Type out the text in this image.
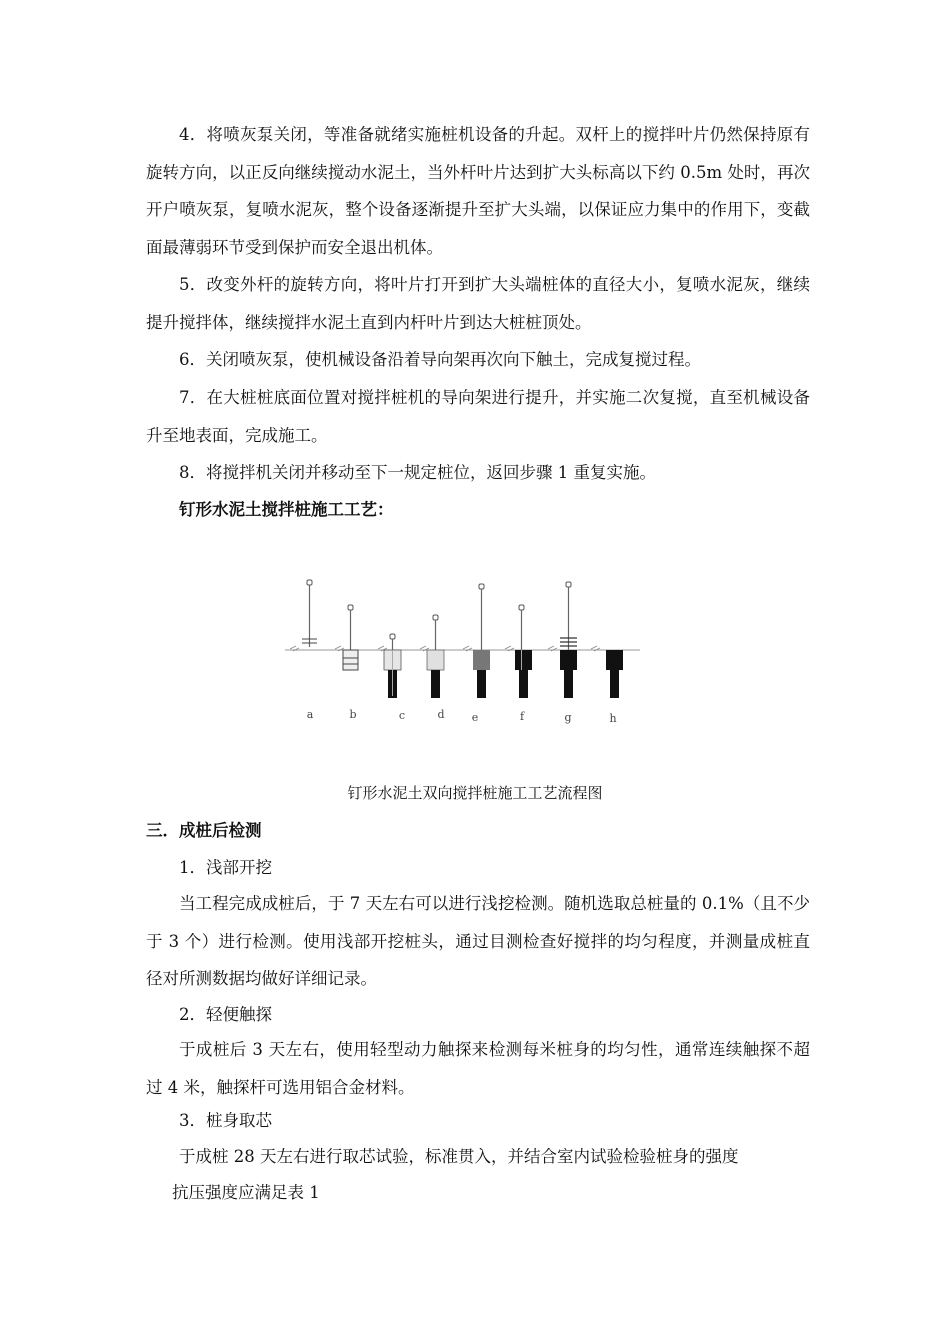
4．将喷灰泵关闭，等准备就绪实施桩机设备的升起。双杆上的搅拌叶片仍然保持原有旋转方向，以正反向继续搅动水泥土，当外杆叶片达到扩大头标高以下约 0.5m 处时，再次开户喷灰泵，复喷水泥灰，整个设备逐渐提升至扩大头端，以保证应力集中的作用下，变截面最薄弱环节受到保护而安全退出机体。

5．改变外杆的旋转方向，将叶片打开到扩大头端桩体的直径大小，复喷水泥灰，继续提升搅拌体，继续搅拌水泥土直到内杆叶片到达大桩桩顶处。

6．关闭喷灰泵，使机械设备沿着导向架再次向下触土，完成复搅过程。

7．在大桩桩底面位置对搅拌桩机的导向架进行提升，并实施二次复搅，直至机械设备升至地表面，完成施工。

8．将搅拌机关闭并移动至下一规定桩位，返回步骤 1 重复实施。

钉形水泥土搅拌桩施工工艺：

a	b	c	d e	f	g	h
钉形水泥土双向搅拌桩施工工艺流程图

三．成桩后检测

1．浅部开挖

当工程完成成桩后，于 7 天左右可以进行浅挖检测。随机选取总桩量的 0.1%（且不少于 3 个）进行检测。使用浅部开挖桩头，通过目测检查好搅拌的均匀程度，并测量成桩直径对所测数据均做好详细记录。

2．轻便触探

于成桩后 3 天左右，使用轻型动力触探来检测每米桩身的均匀性，通常连续触探不超过 4 米，触探杆可选用铝合金材料。

3．桩身取芯

于成桩 28 天左右进行取芯试验，标准贯入，并结合室内试验检验桩身的强度

抗压强度应满足表 1
